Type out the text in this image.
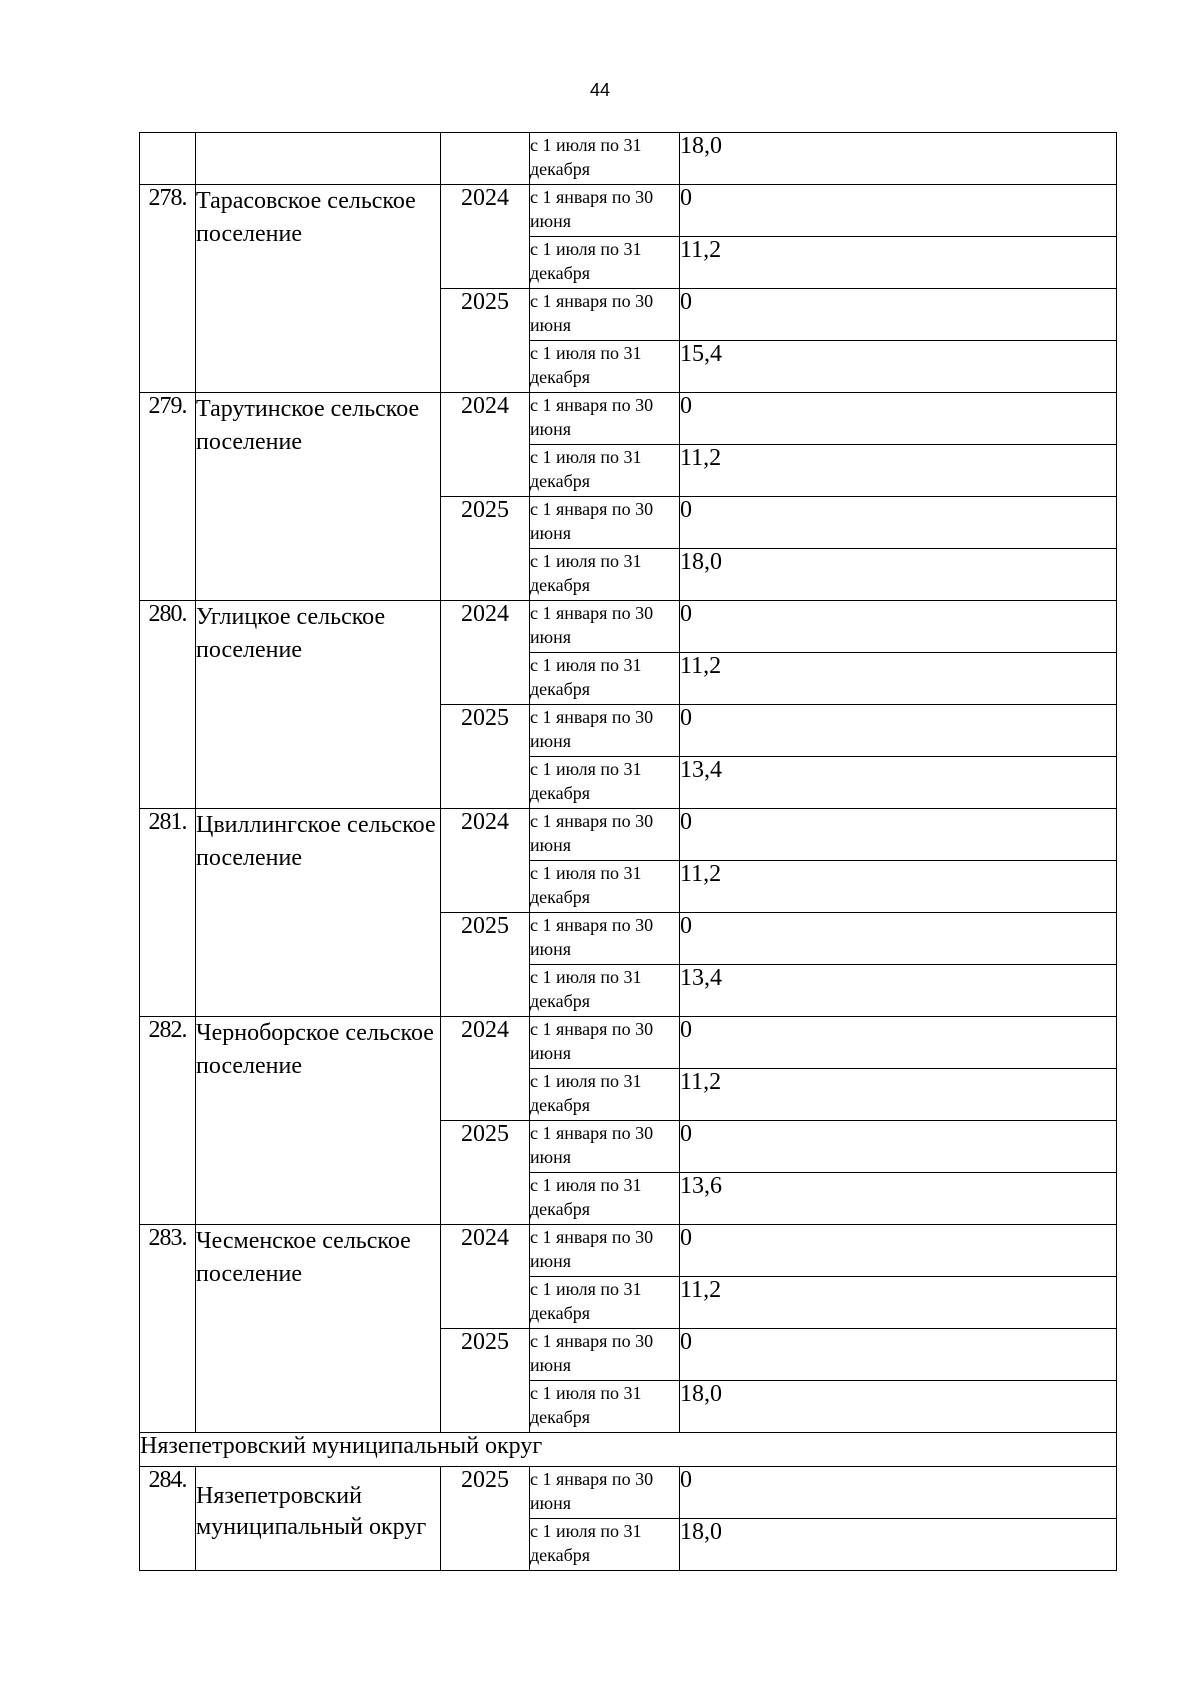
44
			с 1 июля по 31 декабря	18,0
278.	Тарасовское сельское поселение	2024	с 1 января по 30 июня	0
			с 1 июля по 31 декабря	11,2
		2025	с 1 января по 30 июня	0
			с 1 июля по 31 декабря	15,4
279.	Тарутинское сельское поселение	2024	с 1 января по 30 июня	0
			с 1 июля по 31 декабря	11,2
		2025	с 1 января по 30 июня	0
			с 1 июля по 31 декабря	18,0
280.	Углицкое сельское поселение	2024	с 1 января по 30 июня	0
			с 1 июля по 31 декабря	11,2
		2025	с 1 января по 30 июня	0
			с 1 июля по 31 декабря	13,4
281.	Цвиллингское сельское поселение	2024	с 1 января по 30 июня	0
			с 1 июля по 31 декабря	11,2
		2025	с 1 января по 30 июня	0
			с 1 июля по 31 декабря	13,4
282.	Черноборское сельское поселение	2024	с 1 января по 30 июня	0
			с 1 июля по 31 декабря	11,2
		2025	с 1 января по 30 июня	0
			с 1 июля по 31 декабря	13,6
283.	Чесменское сельское поселение	2024	с 1 января по 30 июня	0
			с 1 июля по 31 декабря	11,2
		2025	с 1 января по 30 июня	0
			с 1 июля по 31 декабря	18,0
Нязепетровский муниципальный округ				
284.	Нязепетровский муниципальный округ	2025	с 1 января по 30 июня	0
			с 1 июля по 31 декабря	18,0
